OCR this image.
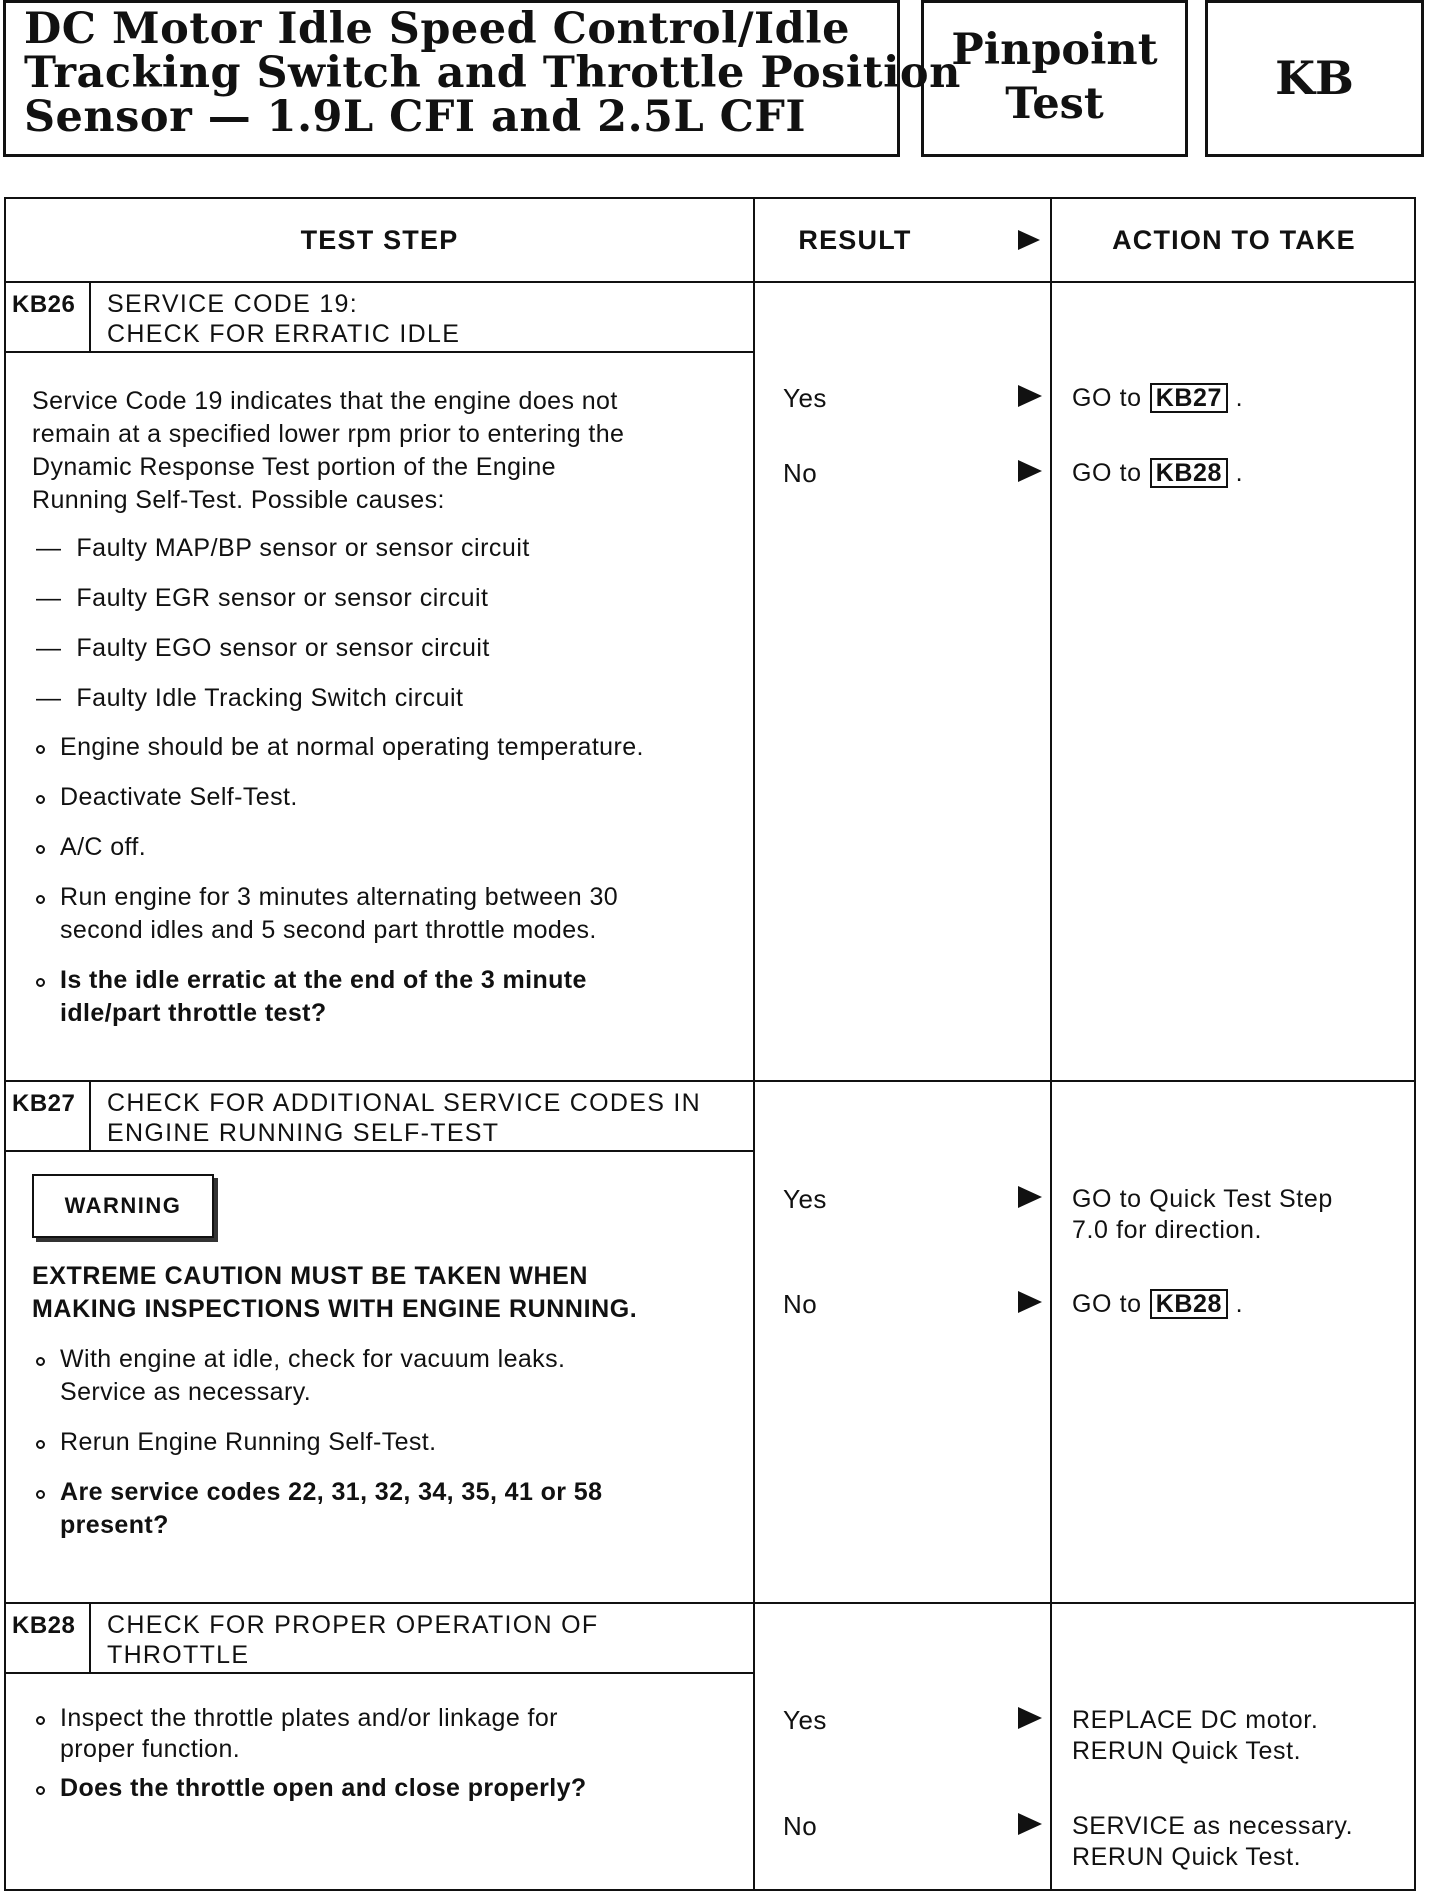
DC Motor Idle Speed Control/Idle
Tracking Switch and Throttle Position
Sensor — 1.9L CFI and 2.5L CFI
Pinpoint
Test	KB
TEST STEP	RESULT	ACTION TO TAKE
KB26	SERVICE CODE 19:
CHECK FOR ERRATIC IDLE
Service Code 19 indicates that the engine does not
remain at a specified lower rpm prior to entering the
Dynamic Response Test portion of the Engine
Running Self-Test. Possible causes:
—  Faulty MAP/BP sensor or sensor circuit
—  Faulty EGR sensor or sensor circuit
—  Faulty EGO sensor or sensor circuit
—  Faulty Idle Tracking Switch circuit
Engine should be at normal operating temperature.
Deactivate Self-Test.
A/C off.
Run engine for 3 minutes alternating between 30
second idles and 5 second part throttle modes.
Is the idle erratic at the end of the 3 minute
idle/part throttle test?
Yes	GO to KB27 .
No	GO to KB28 .
KB27	CHECK FOR ADDITIONAL SERVICE CODES IN
ENGINE RUNNING SELF-TEST
WARNING
EXTREME CAUTION MUST BE TAKEN WHEN
MAKING INSPECTIONS WITH ENGINE RUNNING.
With engine at idle, check for vacuum leaks.
Service as necessary.
Rerun Engine Running Self-Test.
Are service codes 22, 31, 32, 34, 35, 41 or 58
present?
Yes	GO to Quick Test Step
7.0 for direction.
No	GO to KB28 .
KB28	CHECK FOR PROPER OPERATION OF
THROTTLE
Inspect the throttle plates and/or linkage for
proper function.
Does the throttle open and close properly?
Yes	REPLACE DC motor.
RERUN Quick Test.
No	SERVICE as necessary.
RERUN Quick Test.
